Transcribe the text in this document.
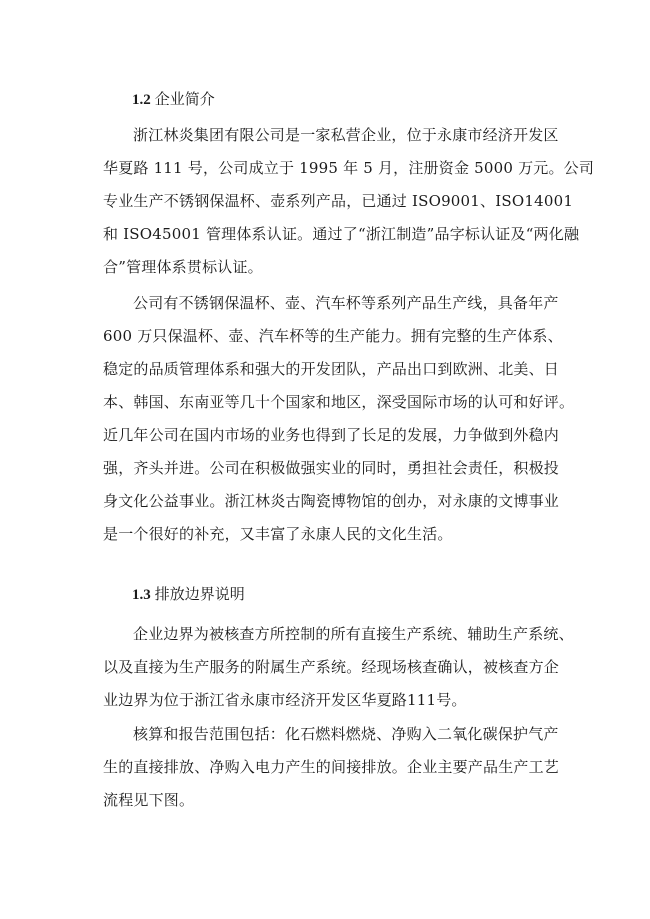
1.2 企业简介
浙江林炎集团有限公司是一家私营企业，位于永康市经济开发区
华夏路 111 号，公司成立于 1995 年 5 月，注册资金 5000 万元。公司
专业生产不锈钢保温杯、壶系列产品，已通过 ISO9001、ISO14001
和 ISO45001 管理体系认证。通过了“浙江制造”品字标认证及“两化融
合”管理体系贯标认证。
公司有不锈钢保温杯、壶、汽车杯等系列产品生产线，具备年产
600 万只保温杯、壶、汽车杯等的生产能力。拥有完整的生产体系、
稳定的品质管理体系和强大的开发团队，产品出口到欧洲、北美、日
本、韩国、东南亚等几十个国家和地区，深受国际市场的认可和好评。
近几年公司在国内市场的业务也得到了长足的发展，力争做到外稳内
强，齐头并进。公司在积极做强实业的同时，勇担社会责任，积极投
身文化公益事业。浙江林炎古陶瓷博物馆的创办，对永康的文博事业
是一个很好的补充，又丰富了永康人民的文化生活。
1.3 排放边界说明
企业边界为被核查方所控制的所有直接生产系统、辅助生产系统、
以及直接为生产服务的附属生产系统。经现场核查确认，被核查方企
业边界为位于浙江省永康市经济开发区华夏路111号。
核算和报告范围包括：化石燃料燃烧、净购入二氧化碳保护气产
生的直接排放、净购入电力产生的间接排放。企业主要产品生产工艺
流程见下图。
